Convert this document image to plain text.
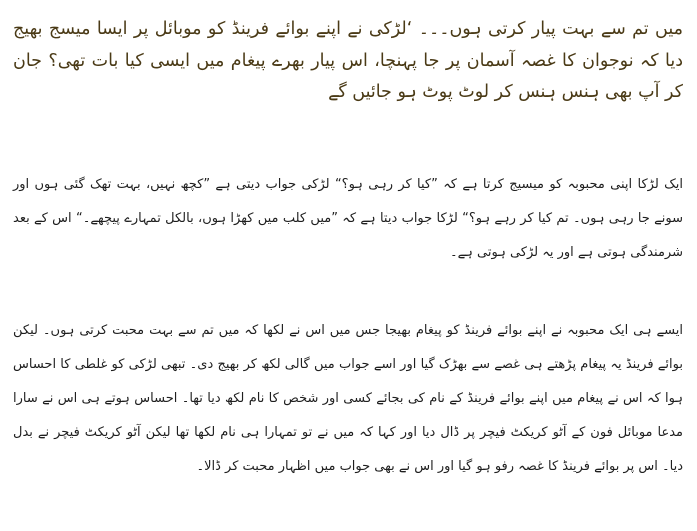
میں تم سے بہت پیار کرتی ہوں۔۔۔ ‘لڑکی نے اپنے بوائے فرینڈ کو موبائل پر ایسا میسج بھیج دیا کہ نوجوان کا غصہ آسمان پر جا پہنچا، اس پیار بھرے پیغام میں ایسی کیا بات تھی؟ جان کر آپ بھی ہنس ہنس کر لوٹ پوٹ ہو جائیں گے

ایک لڑکا اپنی محبوبہ کو میسیج کرتا ہے کہ ”کیا کر رہی ہو؟“ لڑکی جواب دیتی ہے ”کچھ نہیں، بہت تھک گئی ہوں اور سونے جا رہی ہوں۔ تم کیا کر رہے ہو؟“ لڑکا جواب دیتا ہے کہ ”میں کلب میں کھڑا ہوں، بالکل تمہارے پیچھے۔“ اس کے بعد شرمندگی ہوتی ہے اور یہ لڑکی ہوتی ہے۔

ایسے ہی ایک محبوبہ نے اپنے بوائے فرینڈ کو پیغام بھیجا جس میں اس نے لکھا کہ میں تم سے بہت محبت کرتی ہوں۔ لیکن بوائے فرینڈ یہ پیغام پڑھتے ہی غصے سے بھڑک گیا اور اسے جواب میں گالی لکھ کر بھیج دی۔ تبھی لڑکی کو غلطی کا احساس ہوا کہ اس نے پیغام میں اپنے بوائے فرینڈ کے نام کی بجائے کسی اور شخص کا نام لکھ دیا تھا۔ احساس ہوتے ہی اس نے سارا مدعا موبائل فون کے آٹو کریکٹ فیچر پر ڈال دیا اور کہا کہ میں نے تو تمہارا ہی نام لکھا تھا لیکن آٹو کریکٹ فیچر نے بدل دیا۔ اس پر بوائے فرینڈ کا غصہ رفو ہو گیا اور اس نے بھی جواب میں اظہار محبت کر ڈالا۔
